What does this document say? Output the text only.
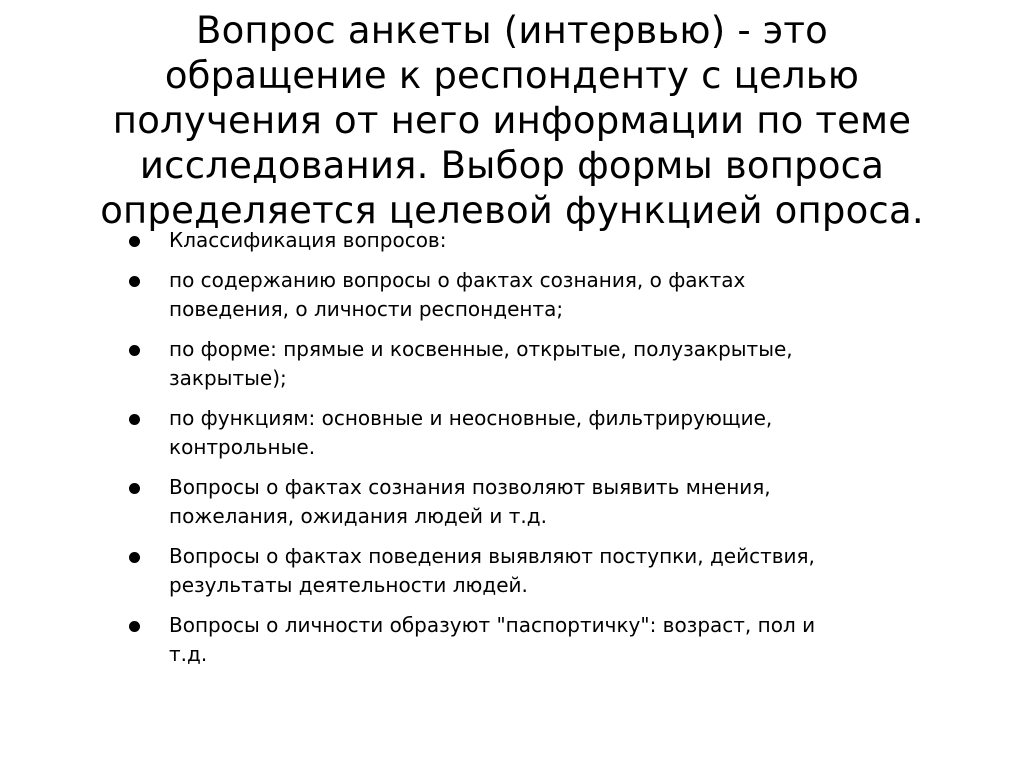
Вопрос анкеты (интервью) - это
обращение к респонденту с целью
получения от него информации по теме
исследования. Выбор формы вопроса
определяется целевой функцией опроса.
Классификация вопросов:
по содержанию вопросы о фактах сознания, о фактах
поведения, о личности респондента;
по форме: прямые и косвенные, открытые, полузакрытые,
закрытые);
по функциям: основные и неосновные, фильтрирующие,
контрольные.
Вопросы о фактах сознания позволяют выявить мнения,
пожелания, ожидания людей и т.д.
Вопросы о фактах поведения выявляют поступки, действия,
результаты деятельности людей.
Вопросы о личности образуют "паспортичку": возраст, пол и
т.д.
